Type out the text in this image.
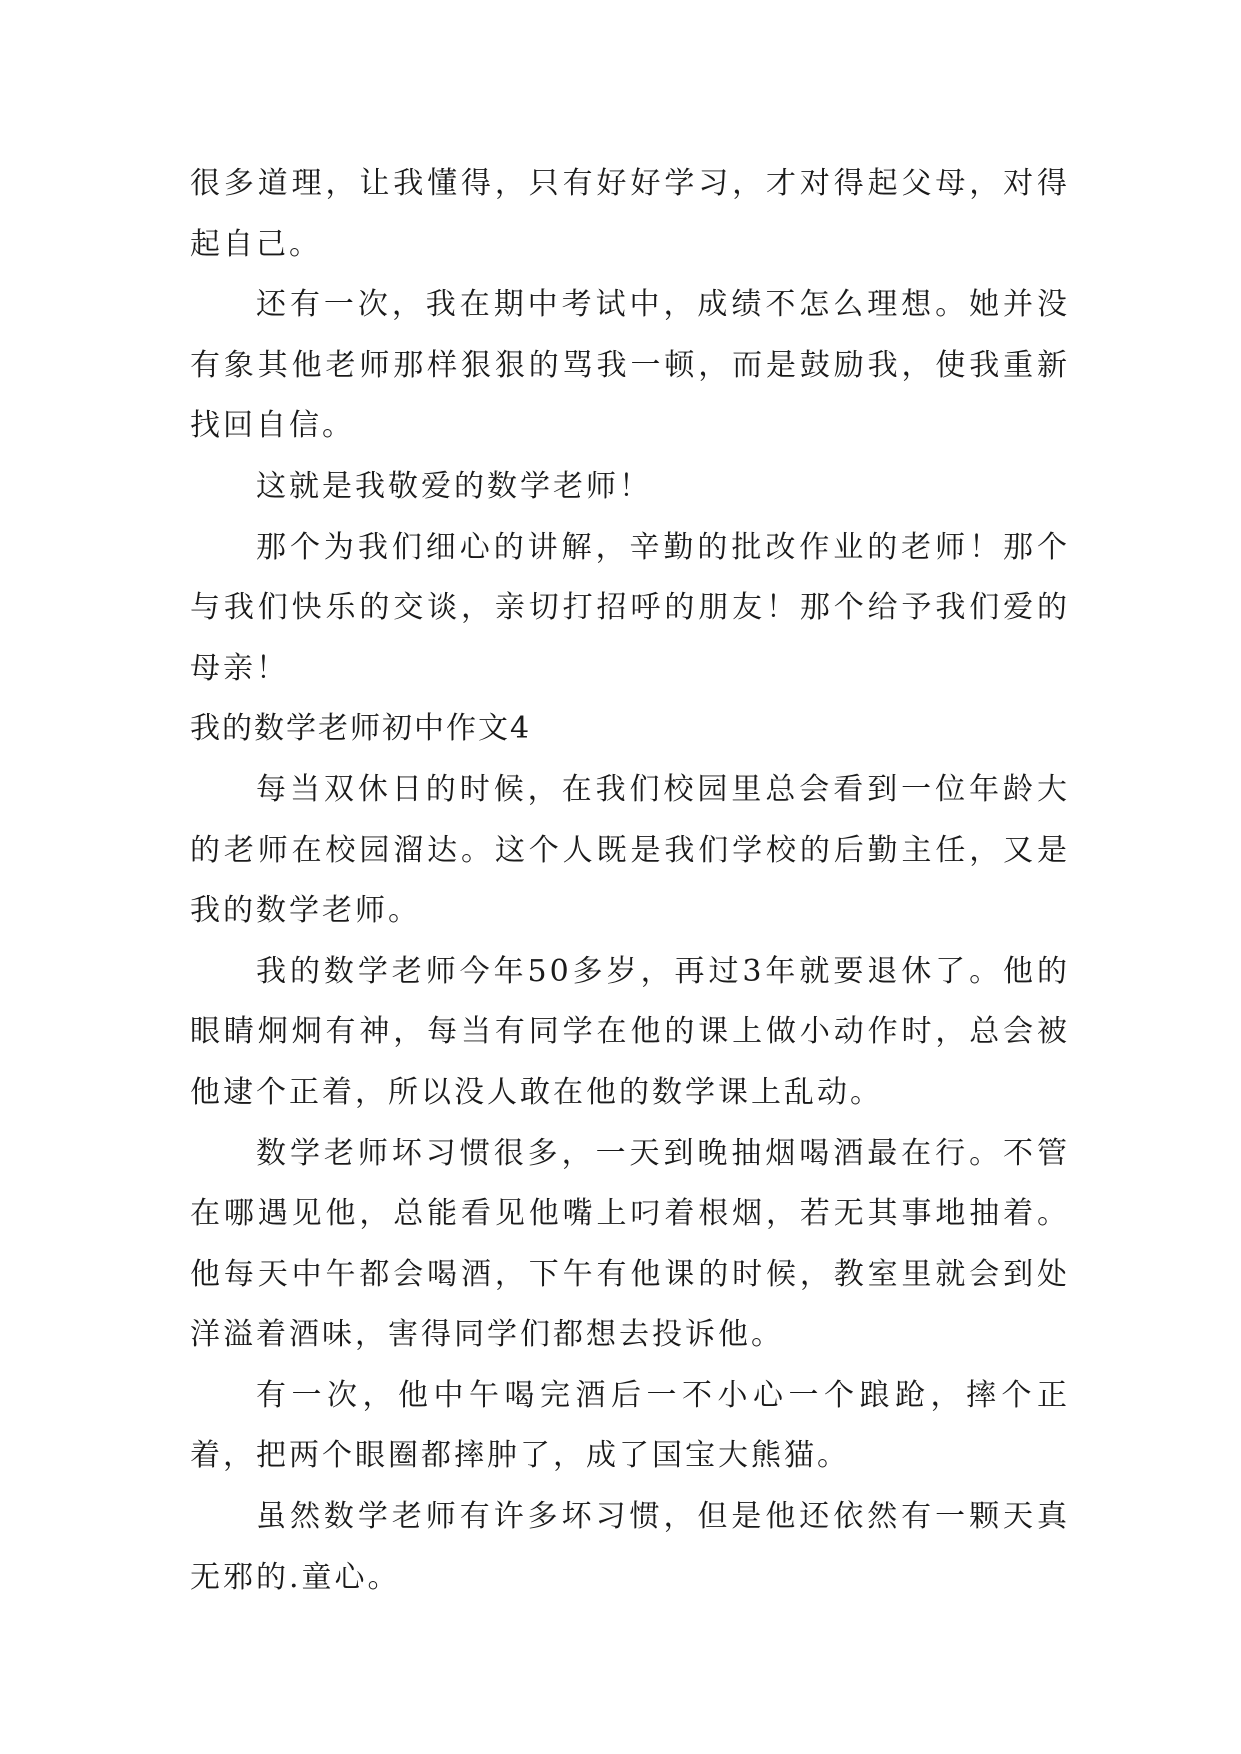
很多道理，让我懂得，只有好好学习，才对得起父母，对得起自己。

还有一次，我在期中考试中，成绩不怎么理想。她并没有象其他老师那样狠狠的骂我一顿，而是鼓励我，使我重新找回自信。

这就是我敬爱的数学老师！

那个为我们细心的讲解，辛勤的批改作业的老师！那个与我们快乐的交谈，亲切打招呼的朋友！那个给予我们爱的母亲！

我的数学老师初中作文4

每当双休日的时候，在我们校园里总会看到一位年龄大的老师在校园溜达。这个人既是我们学校的后勤主任，又是我的数学老师。

我的数学老师今年50多岁，再过3年就要退休了。他的眼睛炯炯有神，每当有同学在他的课上做小动作时，总会被他逮个正着，所以没人敢在他的数学课上乱动。

数学老师坏习惯很多，一天到晚抽烟喝酒最在行。不管在哪遇见他，总能看见他嘴上叼着根烟，若无其事地抽着。他每天中午都会喝酒，下午有他课的时候，教室里就会到处洋溢着酒味，害得同学们都想去投诉他。

有一次，他中午喝完酒后一不小心一个踉跄，摔个正着，把两个眼圈都摔肿了，成了国宝大熊猫。

虽然数学老师有许多坏习惯，但是他还依然有一颗天真无邪的.童心。
